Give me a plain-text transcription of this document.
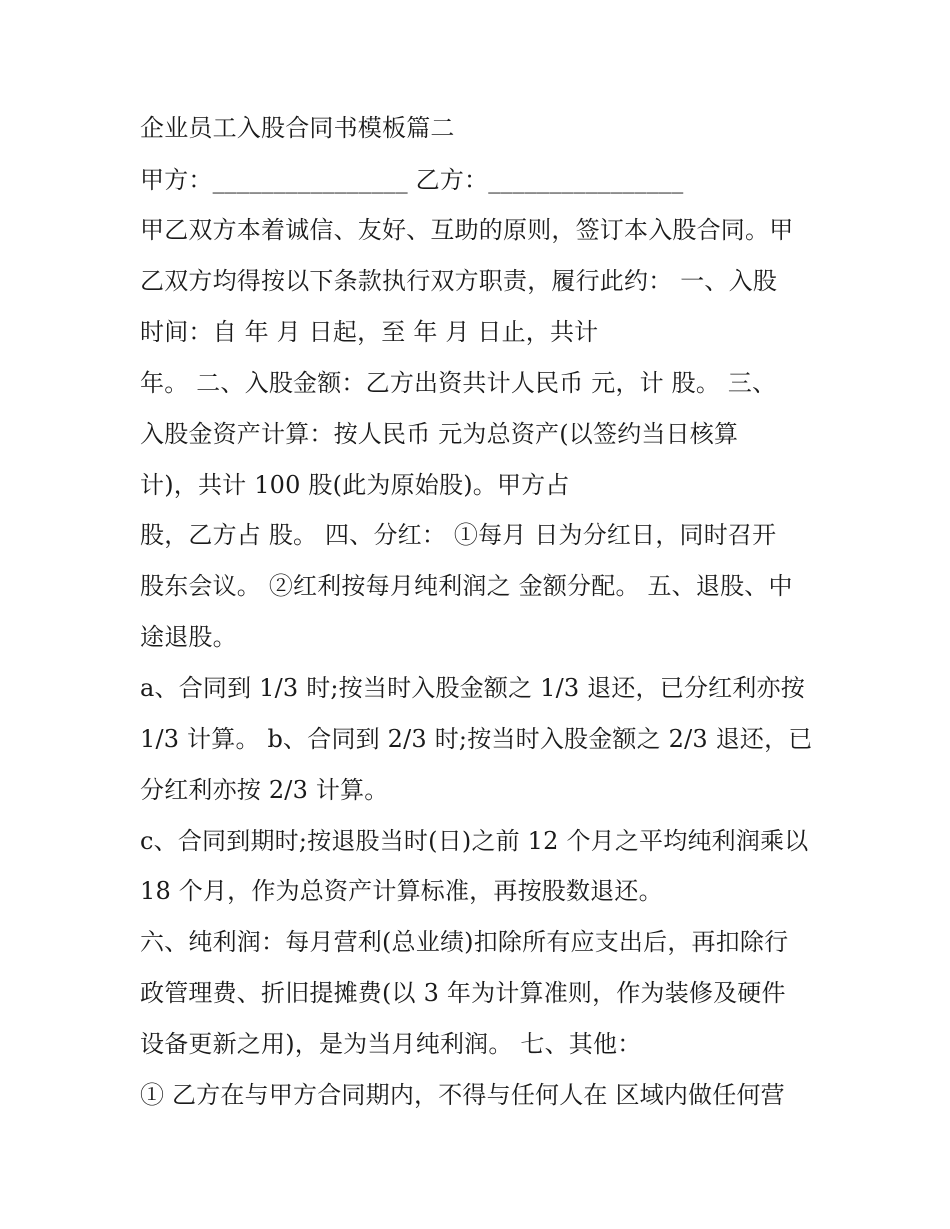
企业员工入股合同书模板篇二
甲方：________________ 乙方：________________
甲乙双方本着诚信、友好、互助的原则，签订本入股合同。甲
乙双方均得按以下条款执行双方职责，履行此约： 一、入股
时间：自 年 月 日起，至 年 月 日止，共计
年。 二、入股金额：乙方出资共计人民币 元，计 股。 三、
入股金资产计算：按人民币 元为总资产(以签约当日核算
计)，共计 100 股(此为原始股)。甲方占
股，乙方占 股。 四、分红： ①每月 日为分红日，同时召开
股东会议。 ②红利按每月纯利润之 金额分配。 五、退股、中
途退股。
a、合同到 1/3 时;按当时入股金额之 1/3 退还，已分红利亦按
1/3 计算。 b、合同到 2/3 时;按当时入股金额之 2/3 退还，已
分红利亦按 2/3 计算。
c、合同到期时;按退股当时(日)之前 12 个月之平均纯利润乘以
18 个月，作为总资产计算标准，再按股数退还。
六、纯利润：每月营利(总业绩)扣除所有应支出后，再扣除行
政管理费、折旧提摊费(以 3 年为计算准则，作为装修及硬件
设备更新之用)，是为当月纯利润。 七、其他：
① 乙方在与甲方合同期内，不得与任何人在 区域内做任何营
